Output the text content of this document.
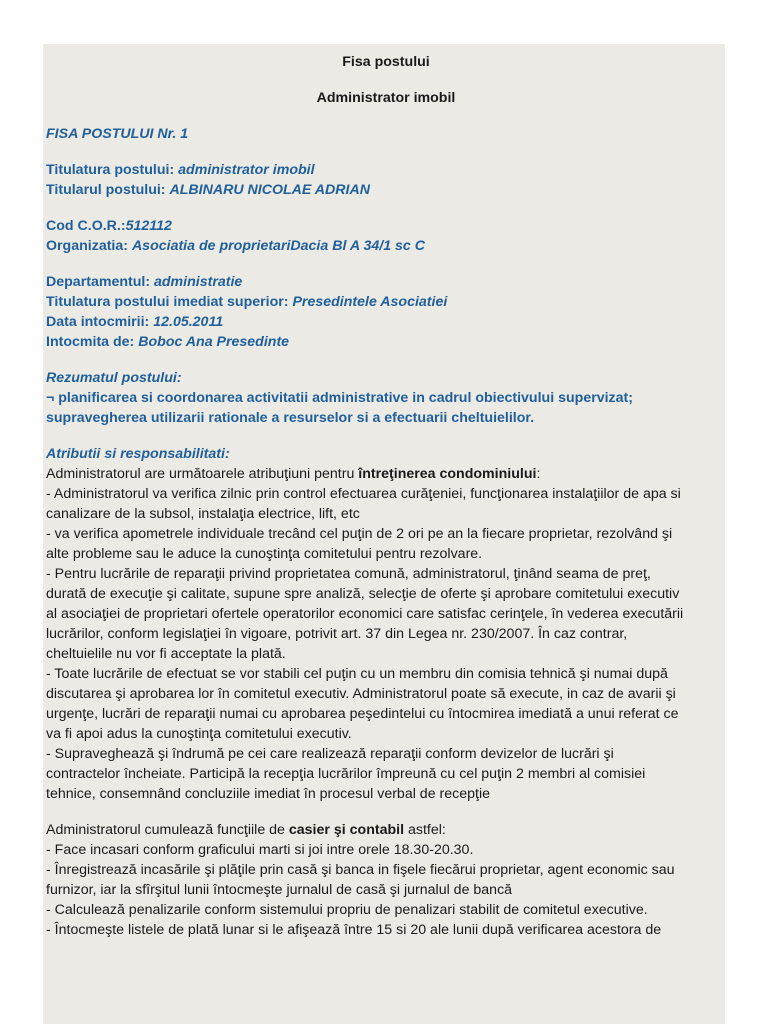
Fisa postului
Administrator imobil
FISA POSTULUI Nr. 1
Titulatura postului: administrator imobil
Titularul postului: ALBINARU NICOLAE ADRIAN
Cod C.O.R.:512112
Organizatia: Asociatia de proprietariDacia Bl A 34/1 sc C
Departamentul: administratie
Titulatura postului imediat superior: Presedintele Asociatiei
Data intocmirii: 12.05.2011
Intocmita de: Boboc Ana Presedinte
Rezumatul postului:
¬ planificarea si coordonarea activitatii administrative in cadrul obiectivului supervizat;
supravegherea utilizarii rationale a resurselor si a efectuarii cheltuielilor.
Atributii si responsabilitati:
Administratorul are următoarele atribuţiuni pentru întreţinerea condominiului:
- Administratorul va verifica zilnic prin control efectuarea curăţeniei, funcţionarea instalaţiilor de apa si
canalizare de la subsol, instalaţia electrice, lift, etc
- va verifica apometrele individuale trecând cel puţin de 2 ori pe an la fiecare proprietar, rezolvând şi
alte probleme sau le aduce la cunoştinţa comitetului pentru rezolvare.
- Pentru lucrările de reparaţii privind proprietatea comună, administratorul, ţinând seama de preţ,
durată de execuţie şi calitate, supune spre analiză, selecţie de oferte şi aprobare comitetului executiv
al asociaţiei de proprietari ofertele operatorilor economici care satisfac cerinţele, în vederea executării
lucrărilor, conform legislaţiei în vigoare, potrivit art. 37 din Legea nr. 230/2007. În caz contrar,
cheltuielile nu vor fi acceptate la plată.
- Toate lucrările de efectuat se vor stabili cel puţin cu un membru din comisia tehnică şi numai după
discutarea şi aprobarea lor în comitetul executiv. Administratorul poate să execute, in caz de avarii şi
urgenţe, lucrări de reparaţii numai cu aprobarea peşedintelui cu întocmirea imediată a unui referat ce
va fi apoi adus la cunoştinţa comitetului executiv.
- Supraveghează şi îndrumă pe cei care realizează reparaţii conform devizelor de lucrări şi
contractelor încheiate. Participă la recepţia lucrărilor împreună cu cel puţin 2 membri al comisiei
tehnice, consemnând concluziile imediat în procesul verbal de recepţie
Administratorul cumulează funcţiile de casier şi contabil astfel:
- Face incasari conform graficului marti si joi intre orele 18.30-20.30.
- Înregistrează incasările şi plăţile prin casă şi banca in fişele fiecărui proprietar, agent economic sau
furnizor, iar la sfîrşitul lunii întocmeşte jurnalul de casă şi jurnalul de bancă
- Calculează penalizarile conform sistemului propriu de penalizari stabilit de comitetul executive.
- Întocmeşte listele de plată lunar si le afişează între 15 si 20 ale lunii după verificarea acestora de
